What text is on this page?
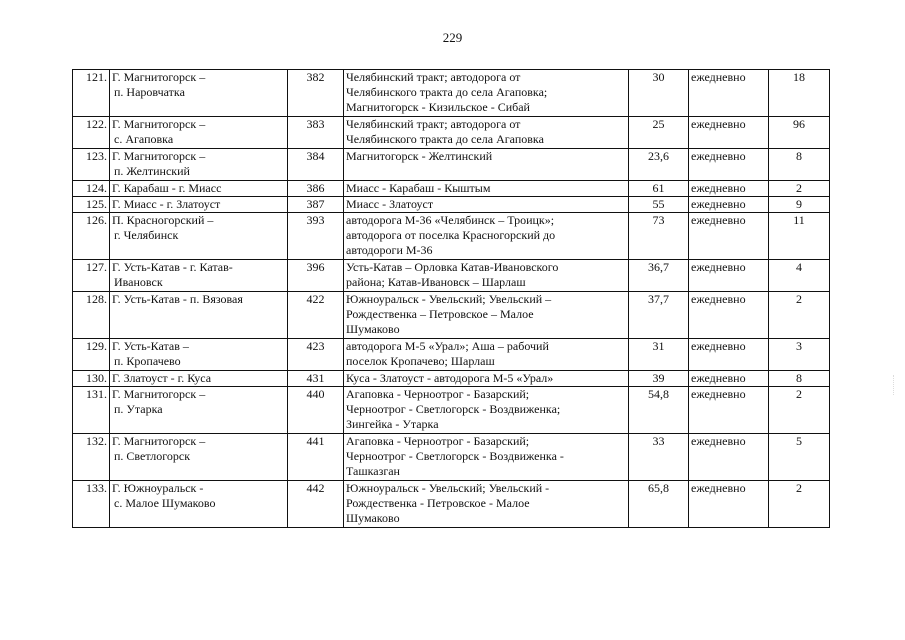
229
121.	Г. Магнитогорск –
п. Наровчатка	382	Челябинский тракт; автодорога от
Челябинского тракта до села Агаповка;
Магнитогорск - Кизильское - Сибай	30	ежедневно	18
122.	Г. Магнитогорск –
с. Агаповка	383	Челябинский тракт; автодорога от
Челябинского тракта до села Агаповка	25	ежедневно	96
123.	Г. Магнитогорск –
п. Желтинский	384	Магнитогорск - Желтинский	23,6	ежедневно	8
124.	Г. Карабаш - г. Миасс	386	Миасс - Карабаш - Кыштым	61	ежедневно	2
125.	Г. Миасс - г. Златоуст	387	Миасс - Златоуст	55	ежедневно	9
126.	П. Красногорский –
г. Челябинск	393	автодорога М-36 «Челябинск – Троицк»;
автодорога от поселка Красногорский до
автодороги М-36	73	ежедневно	11
127.	Г. Усть-Катав - г. Катав-
Ивановск	396	Усть-Катав – Орловка Катав-Ивановского
района; Катав-Ивановск – Шарлаш	36,7	ежедневно	4
128.	Г. Усть-Катав - п. Вязовая	422	Южноуральск - Увельский; Увельский –
Рождественка – Петровское – Малое
Шумаково	37,7	ежедневно	2
129.	Г. Усть-Катав –
п. Кропачево	423	автодорога М-5 «Урал»; Аша – рабочий
поселок Кропачево; Шарлаш	31	ежедневно	3
130.	Г. Златоуст - г. Куса	431	Куса - Златоуст - автодорога М-5 «Урал»	39	ежедневно	8
131.	Г. Магнитогорск –
п. Утарка	440	Агаповка - Черноотрог - Базарский;
Черноотрог - Светлогорск - Воздвиженка;
Зингейка - Утарка	54,8	ежедневно	2
132.	Г. Магнитогорск –
п. Светлогорск	441	Агаповка - Черноотрог - Базарский;
Черноотрог - Светлогорск - Воздвиженка -
Ташказган	33	ежедневно	5
133.	Г. Южноуральск -
с. Малое Шумаково	442	Южноуральск - Увельский; Увельский -
Рождественка - Петровское - Малое
Шумаково	65,8	ежедневно	2
